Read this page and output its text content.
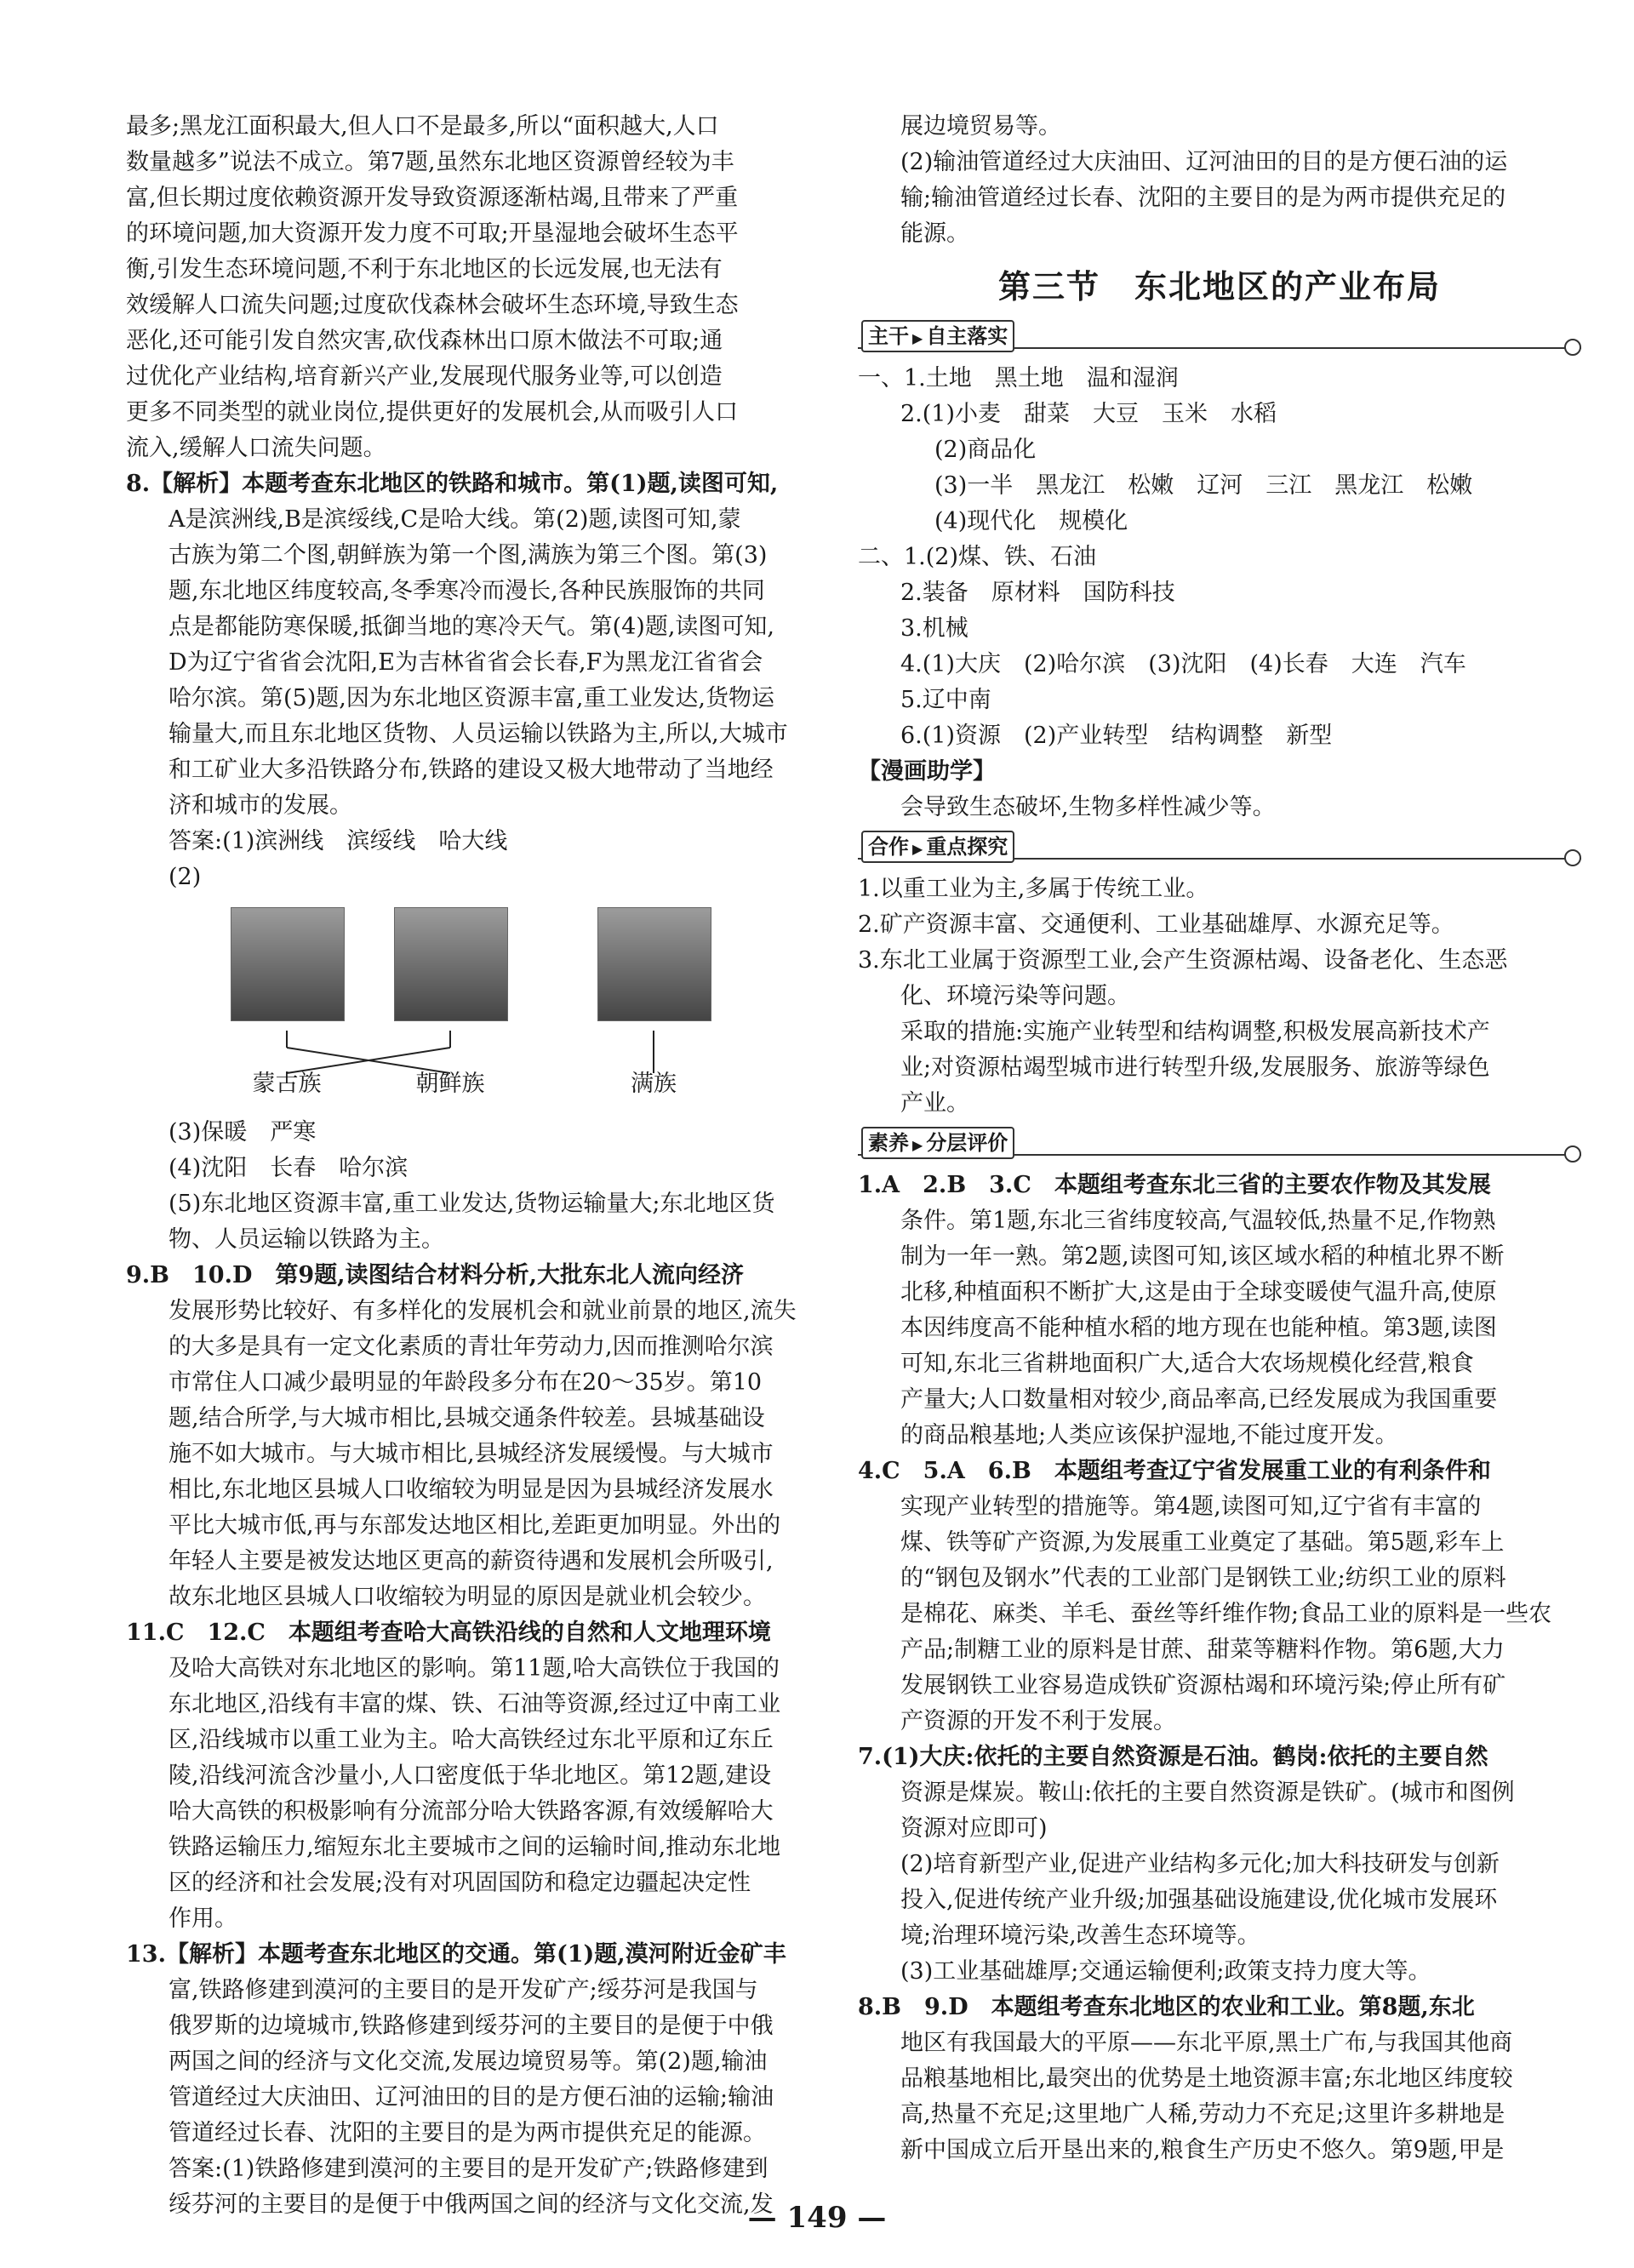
最多;黑龙江面积最大,但人口不是最多,所以“面积越大,人口

数量越多”说法不成立。第7题,虽然东北地区资源曾经较为丰

富,但长期过度依赖资源开发导致资源逐渐枯竭,且带来了严重

的环境问题,加大资源开发力度不可取;开垦湿地会破坏生态平

衡,引发生态环境问题,不利于东北地区的长远发展,也无法有

效缓解人口流失问题;过度砍伐森林会破坏生态环境,导致生态

恶化,还可能引发自然灾害,砍伐森林出口原木做法不可取;通

过优化产业结构,培育新兴产业,发展现代服务业等,可以创造

更多不同类型的就业岗位,提供更好的发展机会,从而吸引人口

流入,缓解人口流失问题。

8.【解析】本题考查东北地区的铁路和城市。第(1)题,读图可知,

A是滨洲线,B是滨绥线,C是哈大线。第(2)题,读图可知,蒙

古族为第二个图,朝鲜族为第一个图,满族为第三个图。第(3)

题,东北地区纬度较高,冬季寒冷而漫长,各种民族服饰的共同

点是都能防寒保暖,抵御当地的寒冷天气。第(4)题,读图可知,

D为辽宁省省会沈阳,E为吉林省省会长春,F为黑龙江省省会

哈尔滨。第(5)题,因为东北地区资源丰富,重工业发达,货物运

输量大,而且东北地区货物、人员运输以铁路为主,所以,大城市

和工矿业大多沿铁路分布,铁路的建设又极大地带动了当地经

济和城市的发展。

答案:(1)滨洲线　滨绥线　哈大线

(2)

蒙古族	朝鲜族	满族

(3)保暖　严寒

(4)沈阳　长春　哈尔滨

(5)东北地区资源丰富,重工业发达,货物运输量大;东北地区货

物、人员运输以铁路为主。

9.B　10.D　第9题,读图结合材料分析,大批东北人流向经济

发展形势比较好、有多样化的发展机会和就业前景的地区,流失

的大多是具有一定文化素质的青壮年劳动力,因而推测哈尔滨

市常住人口减少最明显的年龄段多分布在20～35岁。第10

题,结合所学,与大城市相比,县城交通条件较差。县城基础设

施不如大城市。与大城市相比,县城经济发展缓慢。与大城市

相比,东北地区县城人口收缩较为明显是因为县城经济发展水

平比大城市低,再与东部发达地区相比,差距更加明显。外出的

年轻人主要是被发达地区更高的薪资待遇和发展机会所吸引,

故东北地区县城人口收缩较为明显的原因是就业机会较少。

11.C　12.C　本题组考查哈大高铁沿线的自然和人文地理环境

及哈大高铁对东北地区的影响。第11题,哈大高铁位于我国的

东北地区,沿线有丰富的煤、铁、石油等资源,经过辽中南工业

区,沿线城市以重工业为主。哈大高铁经过东北平原和辽东丘

陵,沿线河流含沙量小,人口密度低于华北地区。第12题,建设

哈大高铁的积极影响有分流部分哈大铁路客源,有效缓解哈大

铁路运输压力,缩短东北主要城市之间的运输时间,推动东北地

区的经济和社会发展;没有对巩固国防和稳定边疆起决定性

作用。

13.【解析】本题考查东北地区的交通。第(1)题,漠河附近金矿丰

富,铁路修建到漠河的主要目的是开发矿产;绥芬河是我国与

俄罗斯的边境城市,铁路修建到绥芬河的主要目的是便于中俄

两国之间的经济与文化交流,发展边境贸易等。第(2)题,输油

管道经过大庆油田、辽河油田的目的是方便石油的运输;输油

管道经过长春、沈阳的主要目的是为两市提供充足的能源。

答案:(1)铁路修建到漠河的主要目的是开发矿产;铁路修建到

绥芬河的主要目的是便于中俄两国之间的经济与文化交流,发

展边境贸易等。

(2)输油管道经过大庆油田、辽河油田的目的是方便石油的运

输;输油管道经过长春、沈阳的主要目的是为两市提供充足的

能源。

第三节　东北地区的产业布局
主干 ▶ 自主落实

一、1.土地　黑土地　温和湿润

2.(1)小麦　甜菜　大豆　玉米　水稻

(2)商品化

(3)一半　黑龙江　松嫩　辽河　三江　黑龙江　松嫩

(4)现代化　规模化

二、1.(2)煤、铁、石油

2.装备　原材料　国防科技

3.机械

4.(1)大庆　(2)哈尔滨　(3)沈阳　(4)长春　大连　汽车

5.辽中南

6.(1)资源　(2)产业转型　结构调整　新型

【漫画助学】

会导致生态破坏,生物多样性减少等。

合作 ▶ 重点探究

1.以重工业为主,多属于传统工业。

2.矿产资源丰富、交通便利、工业基础雄厚、水源充足等。

3.东北工业属于资源型工业,会产生资源枯竭、设备老化、生态恶

化、环境污染等问题。

采取的措施:实施产业转型和结构调整,积极发展高新技术产

业;对资源枯竭型城市进行转型升级,发展服务、旅游等绿色

产业。

素养 ▶ 分层评价

1.A　2.B　3.C　本题组考查东北三省的主要农作物及其发展

条件。第1题,东北三省纬度较高,气温较低,热量不足,作物熟

制为一年一熟。第2题,读图可知,该区域水稻的种植北界不断

北移,种植面积不断扩大,这是由于全球变暖使气温升高,使原

本因纬度高不能种植水稻的地方现在也能种植。第3题,读图

可知,东北三省耕地面积广大,适合大农场规模化经营,粮食

产量大;人口数量相对较少,商品率高,已经发展成为我国重要

的商品粮基地;人类应该保护湿地,不能过度开发。

4.C　5.A　6.B　本题组考查辽宁省发展重工业的有利条件和

实现产业转型的措施等。第4题,读图可知,辽宁省有丰富的

煤、铁等矿产资源,为发展重工业奠定了基础。第5题,彩车上

的“钢包及钢水”代表的工业部门是钢铁工业;纺织工业的原料

是棉花、麻类、羊毛、蚕丝等纤维作物;食品工业的原料是一些农

产品;制糖工业的原料是甘蔗、甜菜等糖料作物。第6题,大力

发展钢铁工业容易造成铁矿资源枯竭和环境污染;停止所有矿

产资源的开发不利于发展。

7.(1)大庆:依托的主要自然资源是石油。鹤岗:依托的主要自然

资源是煤炭。鞍山:依托的主要自然资源是铁矿。(城市和图例

资源对应即可)

(2)培育新型产业,促进产业结构多元化;加大科技研发与创新

投入,促进传统产业升级;加强基础设施建设,优化城市发展环

境;治理环境污染,改善生态环境等。

(3)工业基础雄厚;交通运输便利;政策支持力度大等。

8.B　9.D　本题组考查东北地区的农业和工业。第8题,东北

地区有我国最大的平原——东北平原,黑土广布,与我国其他商

品粮基地相比,最突出的优势是土地资源丰富;东北地区纬度较

高,热量不充足;这里地广人稀,劳动力不充足;这里许多耕地是

新中国成立后开垦出来的,粮食生产历史不悠久。第9题,甲是

— 149 —
